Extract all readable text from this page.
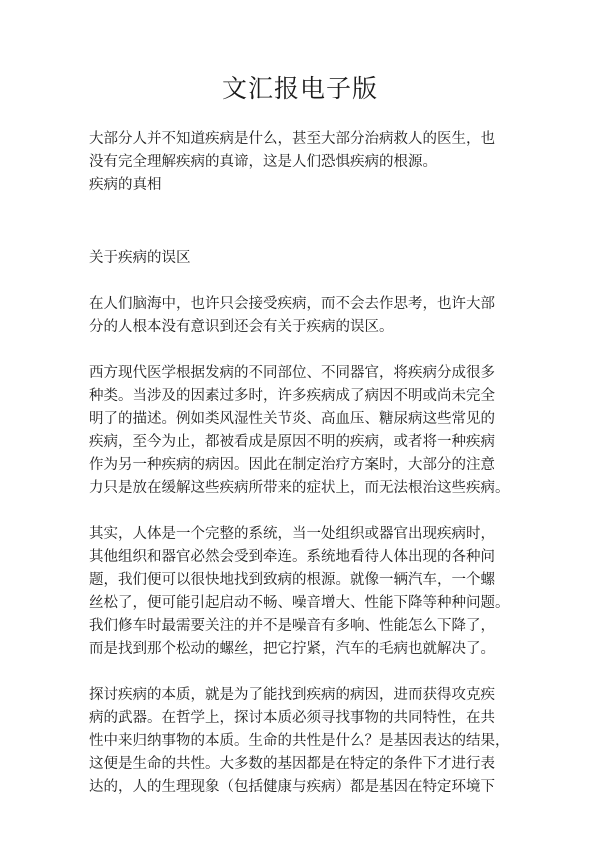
文汇报电子版

大部分人并不知道疾病是什么，甚至大部分治病救人的医生，也
没有完全理解疾病的真谛，这是人们恐惧疾病的根源。

疾病的真相

关于疾病的误区

在人们脑海中，也许只会接受疾病，而不会去作思考，也许大部
分的人根本没有意识到还会有关于疾病的误区。

西方现代医学根据发病的不同部位、不同器官，将疾病分成很多
种类。当涉及的因素过多时，许多疾病成了病因不明或尚未完全
明了的描述。例如类风湿性关节炎、高血压、糖尿病这些常见的
疾病，至今为止，都被看成是原因不明的疾病，或者将一种疾病
作为另一种疾病的病因。因此在制定治疗方案时，大部分的注意
力只是放在缓解这些疾病所带来的症状上，而无法根治这些疾病。

其实，人体是一个完整的系统，当一处组织或器官出现疾病时，
其他组织和器官必然会受到牵连。系统地看待人体出现的各种问
题，我们便可以很快地找到致病的根源。就像一辆汽车，一个螺
丝松了，便可能引起启动不畅、噪音增大、性能下降等种种问题。
我们修车时最需要关注的并不是噪音有多响、性能怎么下降了，
而是找到那个松动的螺丝，把它拧紧，汽车的毛病也就解决了。

探讨疾病的本质，就是为了能找到疾病的病因，进而获得攻克疾
病的武器。在哲学上，探讨本质必须寻找事物的共同特性，在共
性中来归纳事物的本质。生命的共性是什么？是基因表达的结果，
这便是生命的共性。大多数的基因都是在特定的条件下才进行表
达的，人的生理现象（包括健康与疾病）都是基因在特定环境下
